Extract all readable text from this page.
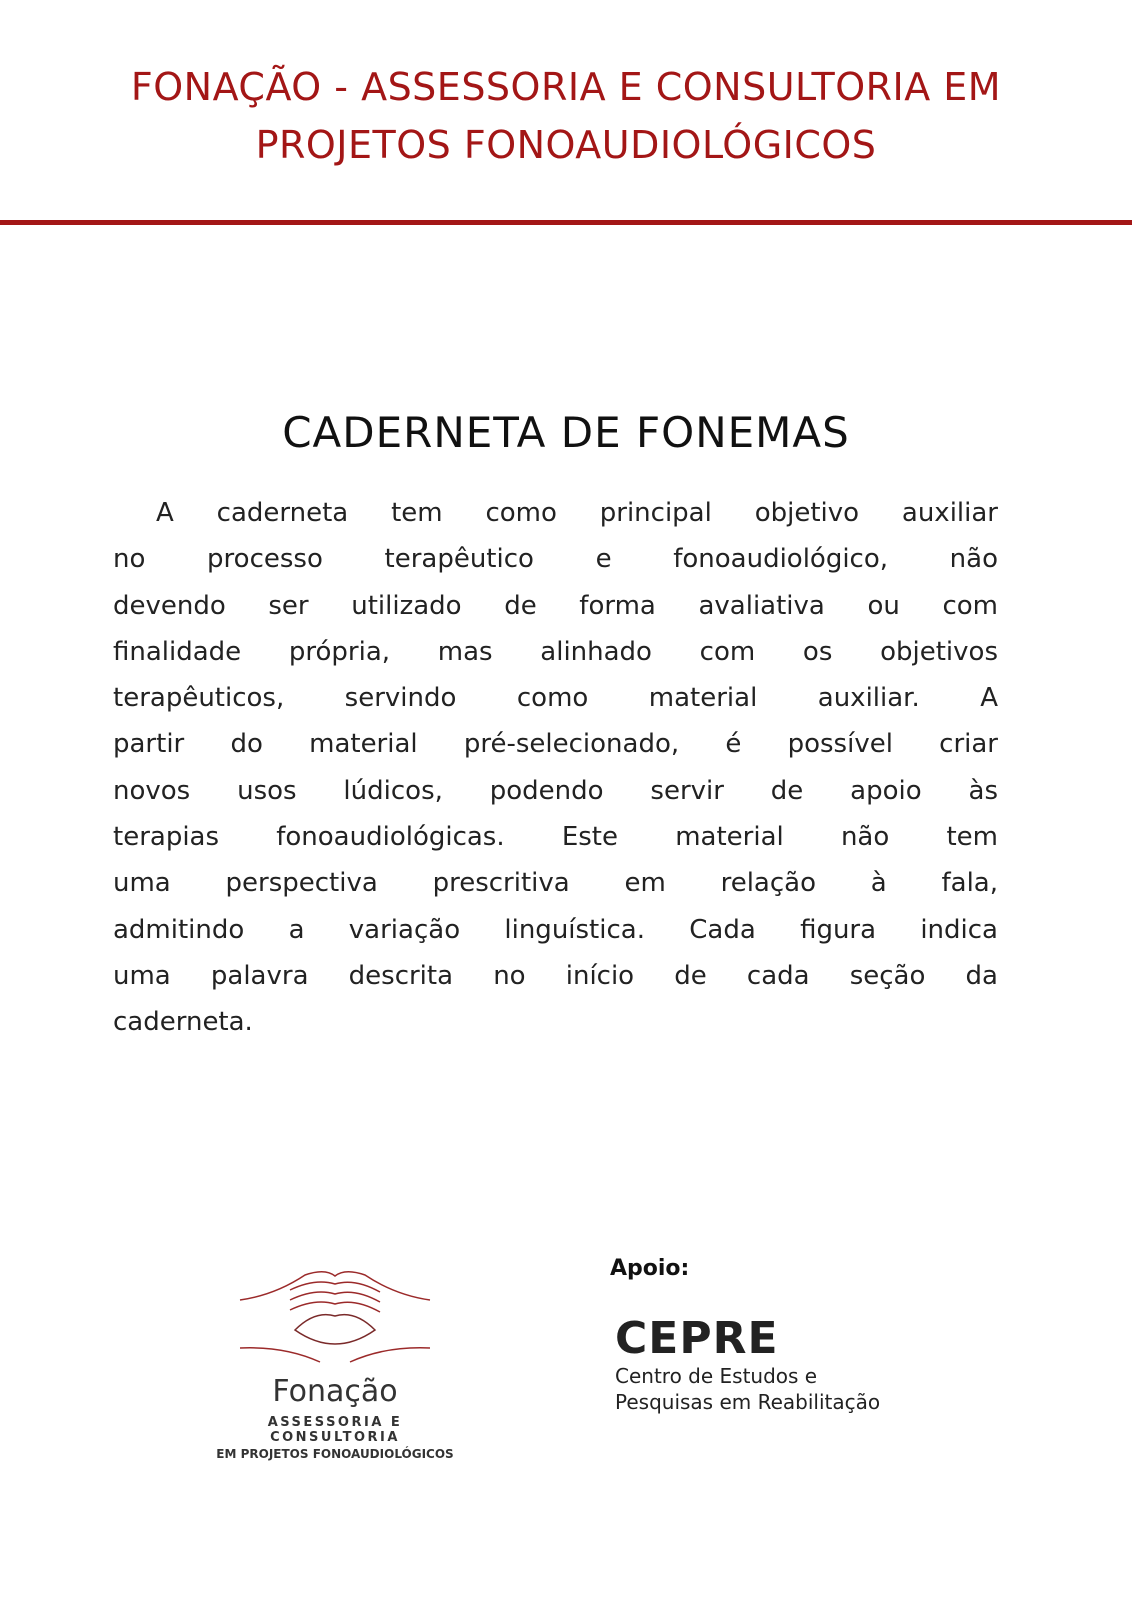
FONAÇÃO - ASSESSORIA E CONSULTORIA EM
PROJETOS FONOAUDIOLÓGICOS
CADERNETA DE FONEMAS
A caderneta tem como principal objetivo auxiliar
no processo terapêutico e fonoaudiológico, não
devendo ser utilizado de forma avaliativa ou com
finalidade própria, mas alinhado com os objetivos
terapêuticos, servindo como material auxiliar. A
partir do material pré-selecionado, é possível criar
novos usos lúdicos, podendo servir de apoio às
terapias fonoaudiológicas. Este material não tem
uma perspectiva prescritiva em relação à fala,
admitindo a variação linguística. Cada figura indica
uma palavra descrita no início de cada seção da
caderneta.
Fonação
ASSESSORIA E CONSULTORIA
EM PROJETOS FONOAUDIOLÓGICOS
Apoio:
CEPRE
Centro de Estudos e
Pesquisas em Reabilitação
